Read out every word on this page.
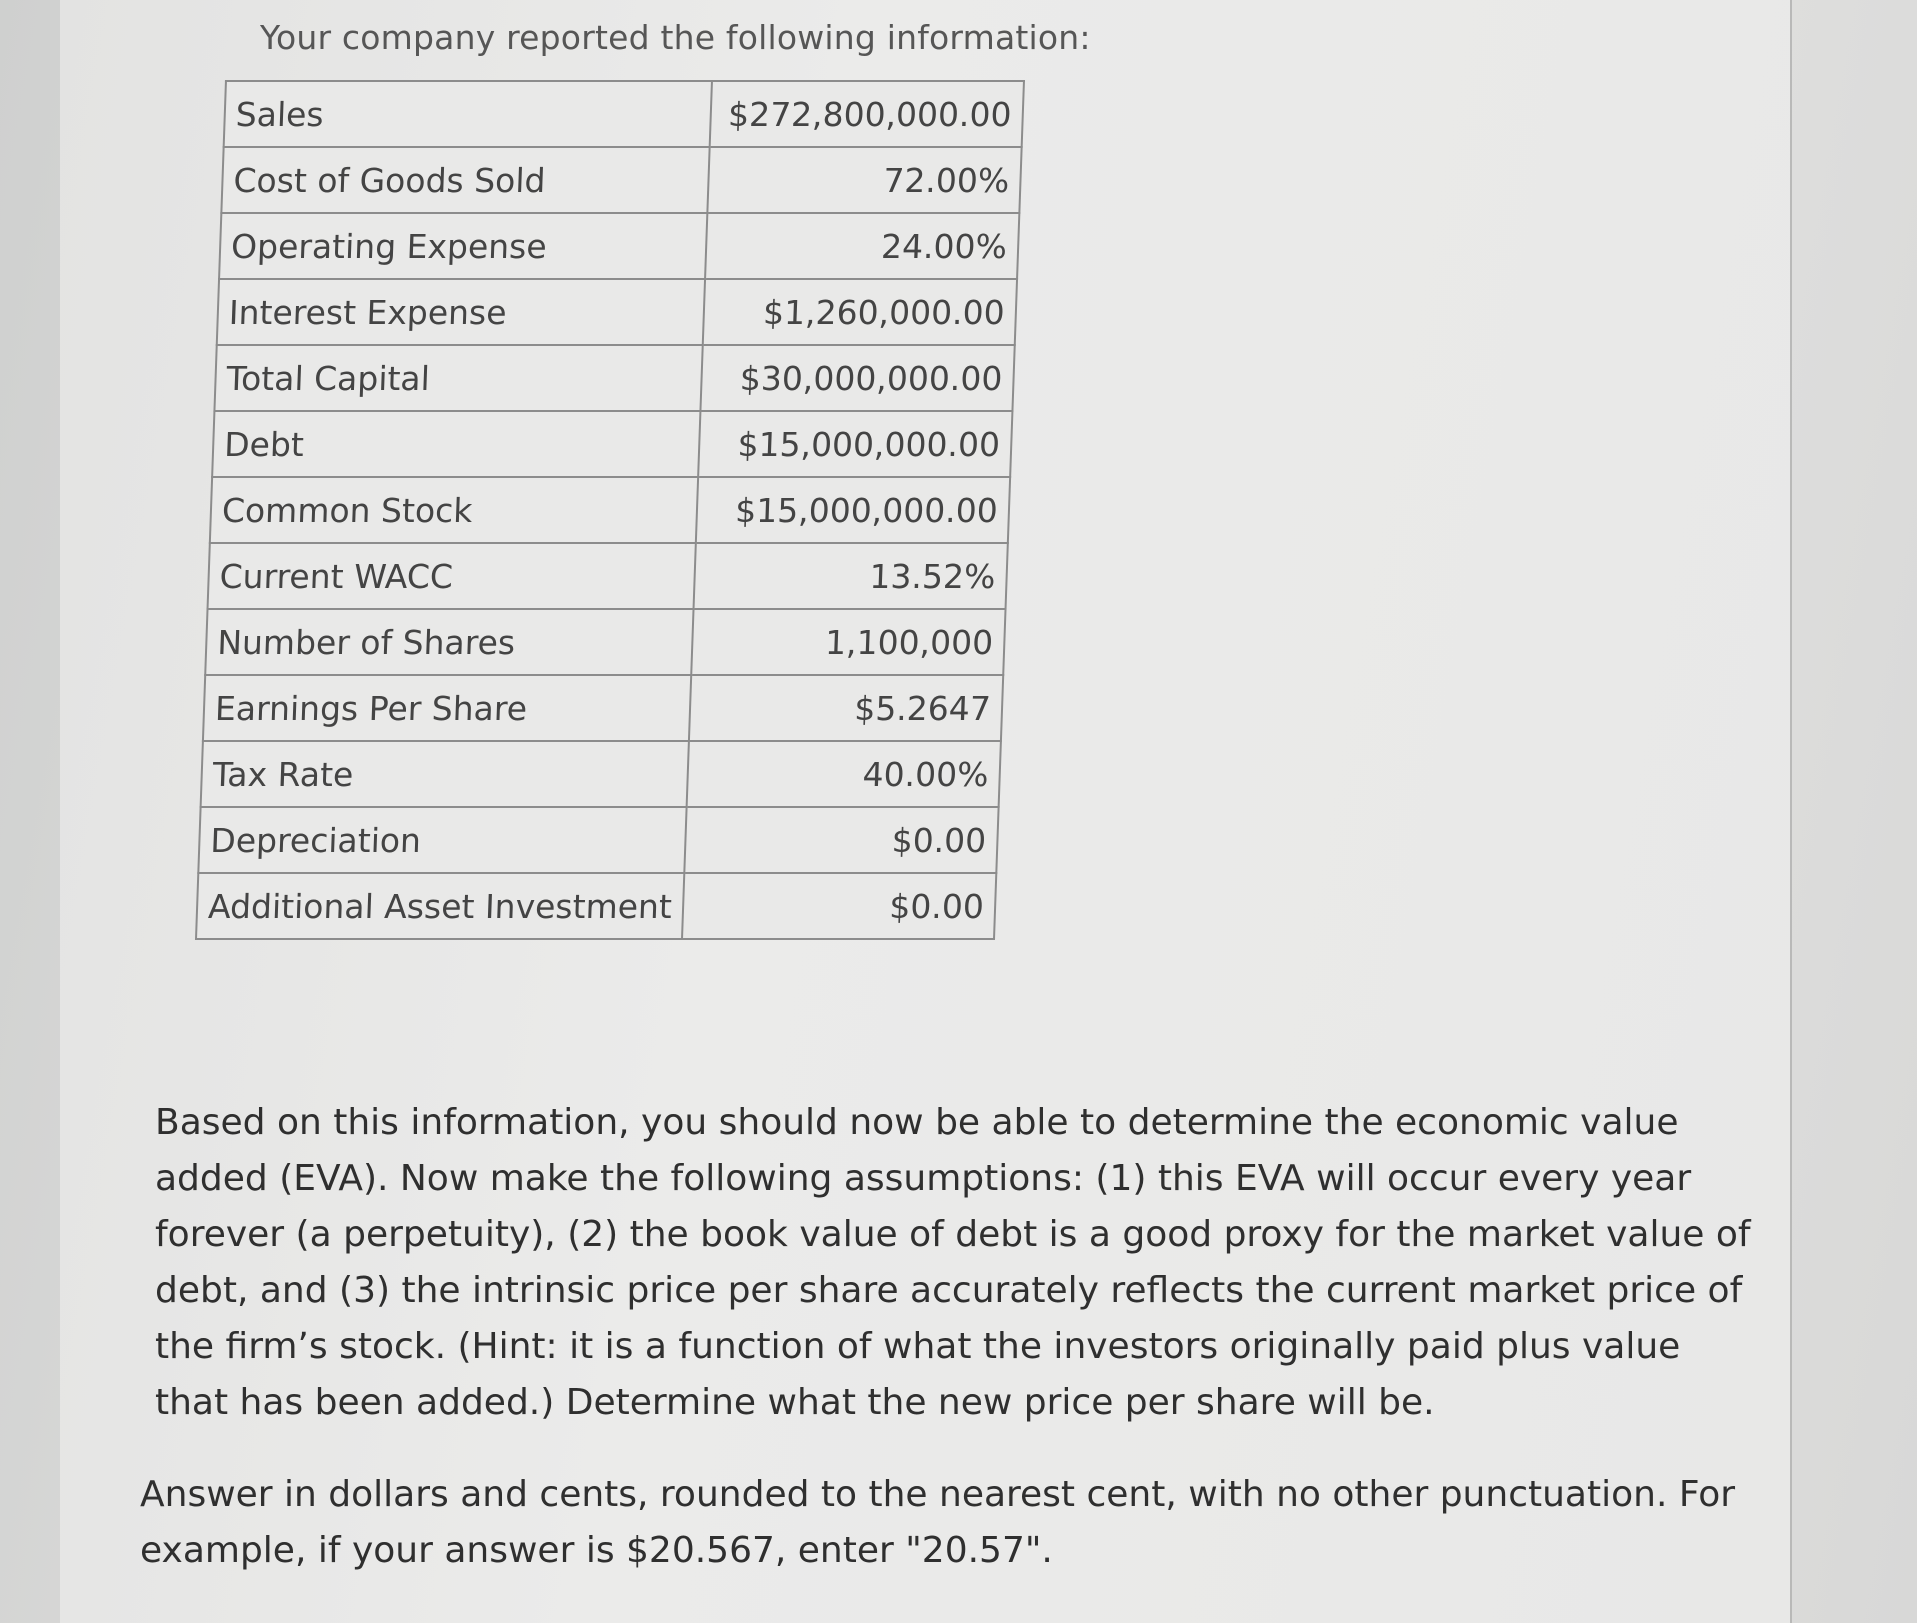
Your company reported the following information:
Sales	$272,800,000.00
Cost of Goods Sold	72.00%
Operating Expense	24.00%
Interest Expense	$1,260,000.00
Total Capital	$30,000,000.00
Debt	$15,000,000.00
Common Stock	$15,000,000.00
Current WACC	13.52%
Number of Shares	1,100,000
Earnings Per Share	$5.2647
Tax Rate	40.00%
Depreciation	$0.00
Additional Asset Investment	$0.00
Based on this information, you should now be able to determine the economic value added (EVA). Now make the following assumptions: (1) this EVA will occur every year forever (a perpetuity), (2) the book value of debt is a good proxy for the market value of debt, and (3) the intrinsic price per share accurately reflects the current market price of the firm’s stock. (Hint: it is a function of what the investors originally paid plus value that has been added.) Determine what the new price per share will be.
Answer in dollars and cents, rounded to the nearest cent, with no other punctuation. For example, if your answer is $20.567, enter "20.57".
